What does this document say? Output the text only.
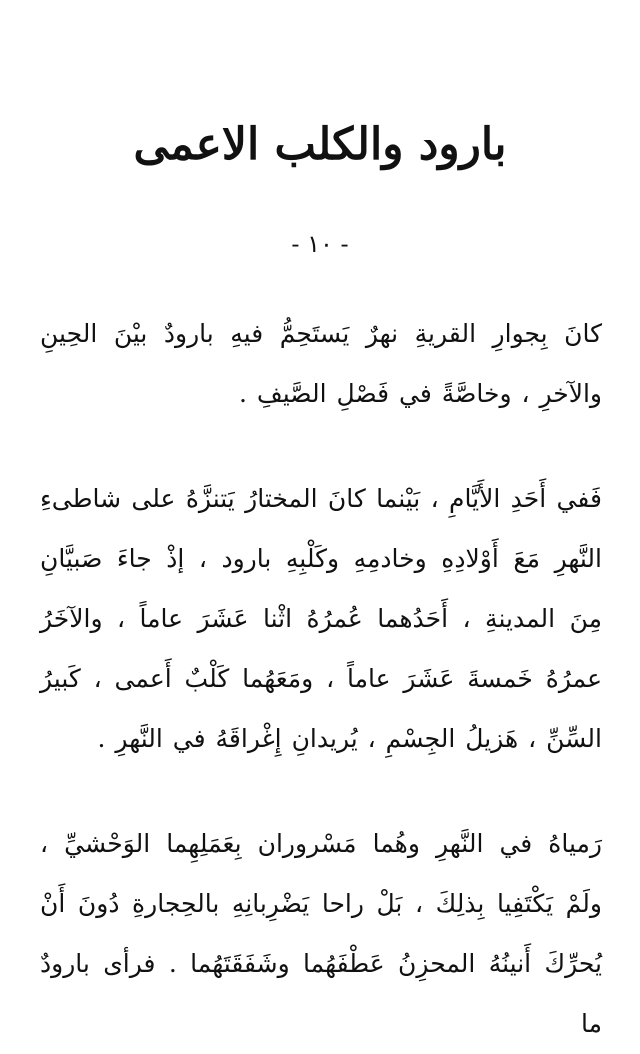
بارود والكلب الاعمى
- ١٠ -

كانَ بِجوارِ القريةِ نهرٌ يَستَحِمُّ فيهِ بارودٌ بيْنَ الحِينِ والآخرِ ، وخاصَّةً في فَصْلِ الصَّيفِ .

فَفي أَحَدِ الأَيَّامِ ، بَيْنما كانَ المختارُ يَتنزَّهُ على شاطىءِ النَّهرِ مَعَ أَوْلادِهِ وخادمِهِ وكَلْبِهِ بارود ، إذْ جاءَ صَبيَّانِ مِنَ المدينةِ ، أَحَدُهما عُمرُهُ اثْنا عَشَرَ عاماً ، والآخَرُ عمرُهُ خَمسةَ عَشَرَ عاماً ، ومَعَهُما كَلْبٌ أَعمى ، كَبيرُ السِّنِّ ، هَزيلُ الجِسْمِ ، يُريدانِ إِغْراقَهُ في النَّهرِ .

رَمياهُ في النَّهرِ وهُما مَسْروران بِعَمَلِهِما الوَحْشيِّ ، ولَمْ يَكْتَفِيا بِذلِكَ ، بَلْ راحا يَضْرِبانِهِ بالحِجارةِ دُونَ أَنْ يُحرِّكَ أَنينُهُ المحزِنُ عَطْفَهُما وشَفَقَتَهُما . فرأى بارودٌ ما
